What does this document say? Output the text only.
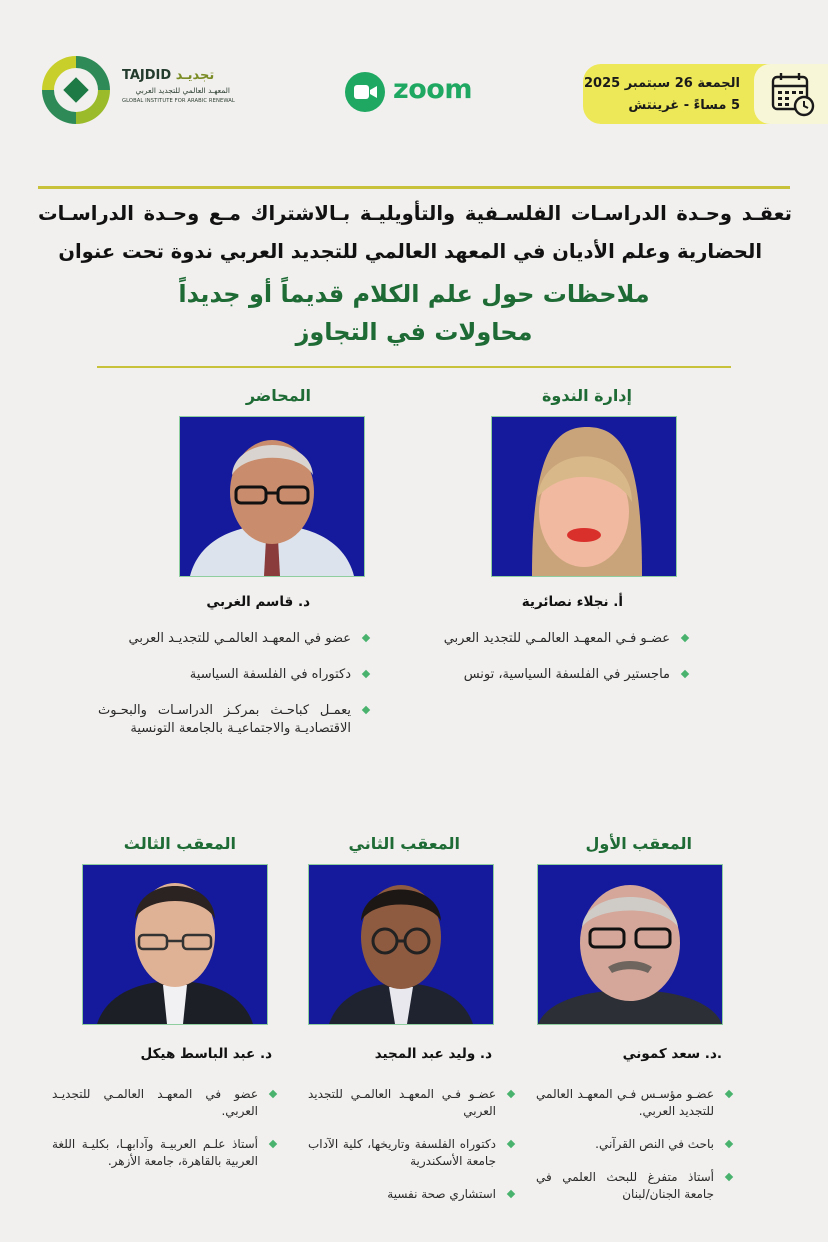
TAJDID تجديـد
المعهـد العالمي للتجديد العربي
GLOBAL INSTITUTE FOR ARABIC RENEWAL	zoom	الجمعة 26 سبتمبر 2025
5 مساءً - غرينتش
تعقـد وحـدة الدراسـات الفلسـفية والتأويليـة بـالاشتراك مـع وحـدة الدراسـات
الحضارية وعلم الأديان في المعهد العالمي للتجديد العربي ندوة تحت عنوان
ملاحظات حول علم الكلام قديماً أو جديداً
محاولات في التجاوز
إدارة الندوة
أ. نجلاء نصائرية
عضـو فـي المعهـد العالمـي للتجديد العربي
ماجستير في الفلسفة السياسية، تونس
المحاضر
د. قاسم الغربي
عضو في المعهـد العالمـي للتجديـد العربي
دكتوراه في الفلسفة السياسية
يعمـل كباحـث بمركـز الدراسـات والبحـوث الاقتصاديـة والاجتماعيـة بالجامعة التونسية
المعقب الأول
.د. سعد كموني
عضـو مؤسـس فـي المعهـد العالمي للتجديد العربي.
باحث في النص القرآني.
أستاذ متفرغ للبحث العلمي في جامعة الجنان/لبنان
المعقب الثاني
د. وليد عبد المجيد
عضـو فـي المعهـد العالمـي للتجديد العربي
دكتوراه الفلسفة وتاريخها، كلية الآداب جامعة الأسكندرية
استشاري صحة نفسية
المعقب الثالث
د. عبد الباسط هيكل
عضو في المعهـد العالمـي للتجديـد العربي.
أستاذ علـم العربيـة وآدابهـا، بكليـة اللغة العربية بالقاهرة، جامعة الأزهر.
